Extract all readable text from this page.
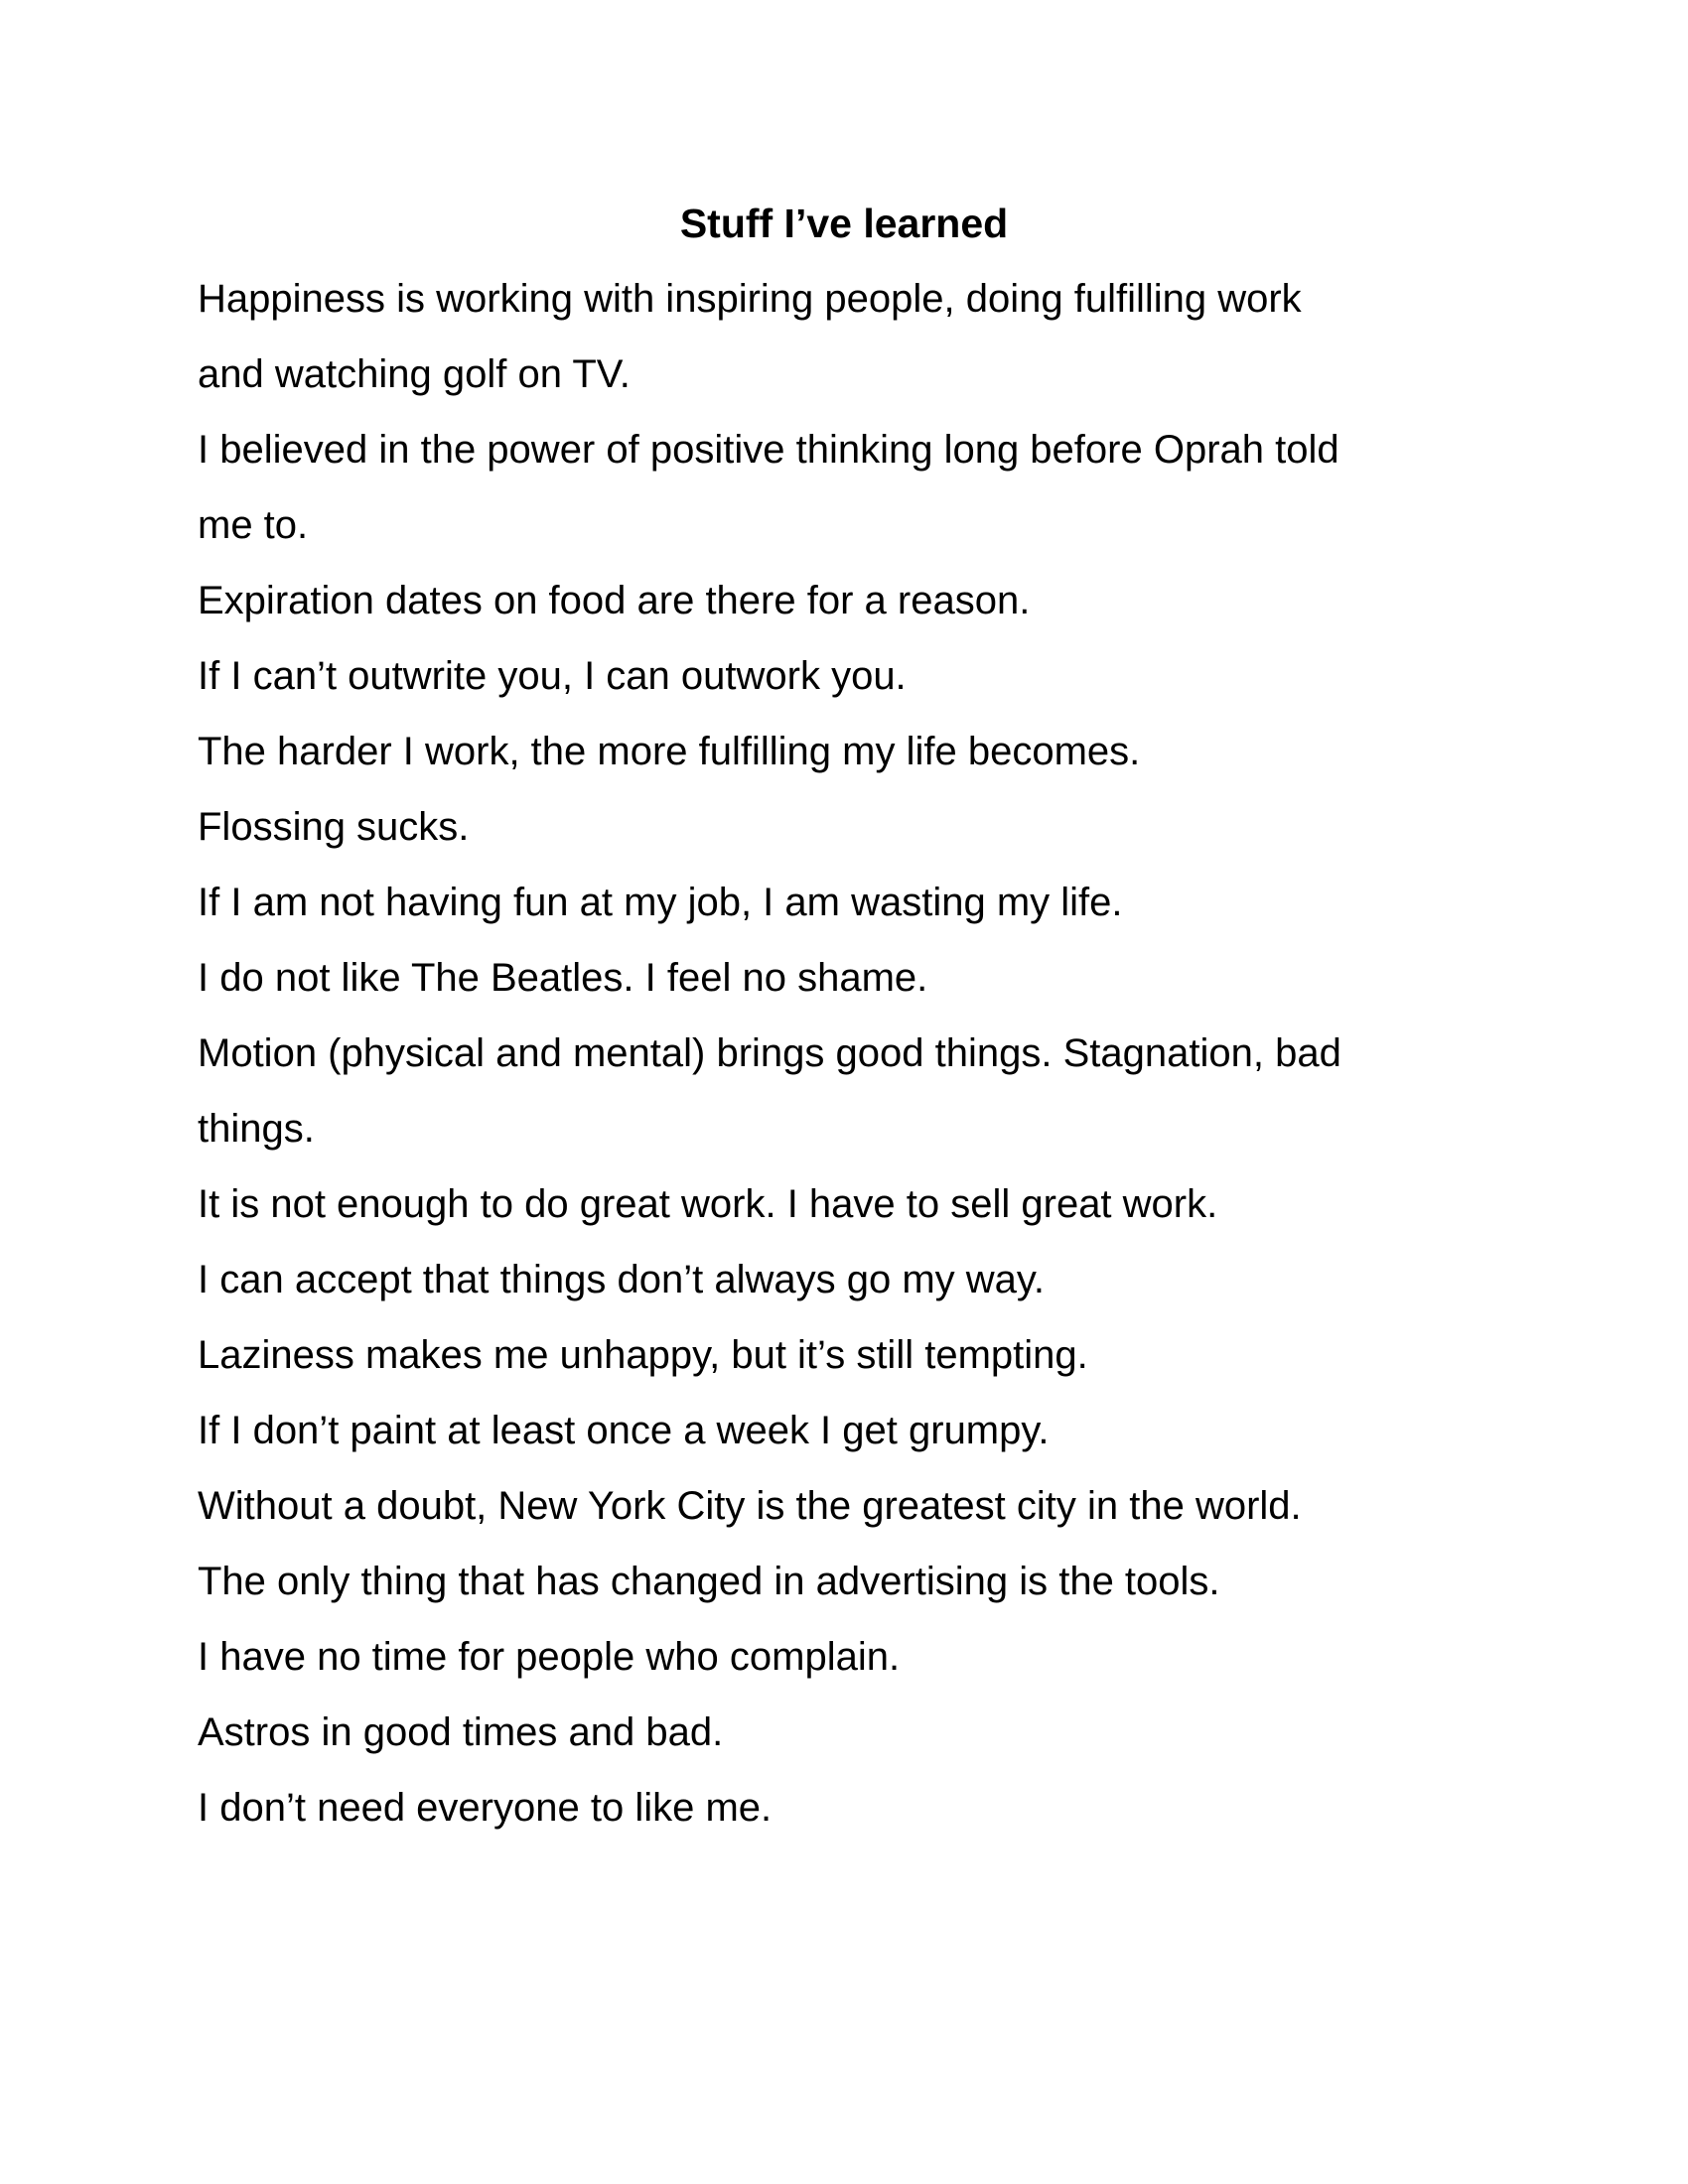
Stuff I’ve learned
Happiness is working with inspiring people, doing fulfilling work
and watching golf on TV.
I believed in the power of positive thinking long before Oprah told
me to.
Expiration dates on food are there for a reason.
If I can’t outwrite you, I can outwork you.
The harder I work, the more fulfilling my life becomes.
Flossing sucks.
If I am not having fun at my job, I am wasting my life.
I do not like The Beatles. I feel no shame.
Motion (physical and mental) brings good things. Stagnation, bad
things.
It is not enough to do great work. I have to sell great work.
I can accept that things don’t always go my way.
Laziness makes me unhappy, but it’s still tempting.
If I don’t paint at least once a week I get grumpy.
Without a doubt, New York City is the greatest city in the world.
The only thing that has changed in advertising is the tools.
I have no time for people who complain.
Astros in good times and bad.
I don’t need everyone to like me.
